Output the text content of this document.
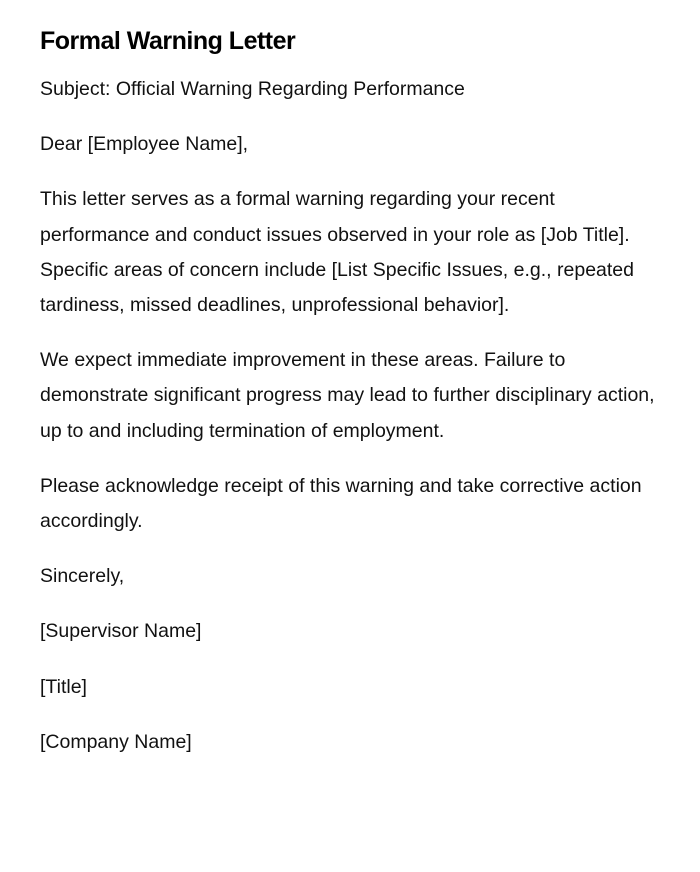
Formal Warning Letter

Subject: Official Warning Regarding Performance

Dear [Employee Name],

This letter serves as a formal warning regarding your recent performance and conduct issues observed in your role as [Job Title]. Specific areas of concern include [List Specific Issues, e.g., repeated tardiness, missed deadlines, unprofessional behavior].

We expect immediate improvement in these areas. Failure to demonstrate significant progress may lead to further disciplinary action, up to and including termination of employment.

Please acknowledge receipt of this warning and take corrective action accordingly.

Sincerely,

[Supervisor Name]

[Title]

[Company Name]
